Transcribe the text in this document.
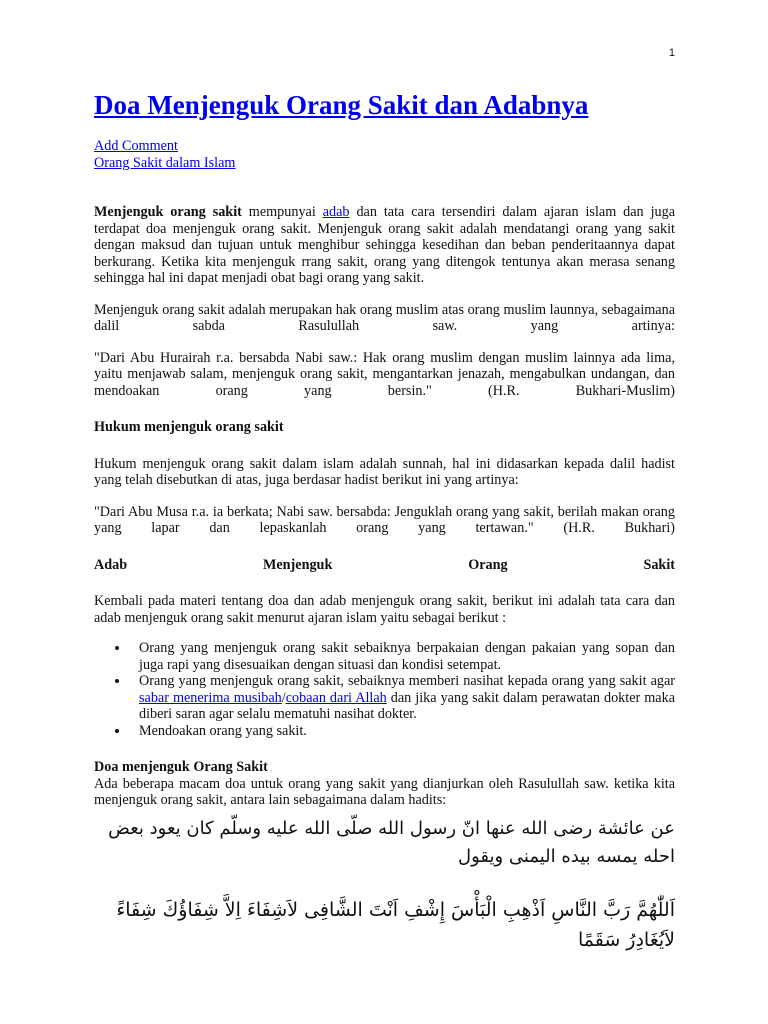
1
Doa Menjenguk Orang Sakit dan Adabnya
Add Comment
Orang Sakit dalam Islam

Menjenguk orang sakit mempunyai adab dan tata cara tersendiri dalam ajaran islam dan juga terdapat doa menjenguk orang sakit. Menjenguk orang sakit adalah mendatangi orang yang sakit dengan maksud dan tujuan untuk menghibur sehingga kesedihan dan beban penderitaannya dapat berkurang. Ketika kita menjenguk rrang sakit, orang yang ditengok tentunya akan merasa senang sehingga hal ini dapat menjadi obat bagi orang yang sakit.

Menjenguk orang sakit adalah merupakan hak orang muslim atas orang muslim launnya, sebagaimana dalil sabda Rasulullah saw. yang artinya:

"Dari Abu Hurairah r.a. bersabda Nabi saw.: Hak orang muslim dengan muslim lainnya ada lima, yaitu menjawab salam, menjenguk orang sakit, mengantarkan jenazah, mengabulkan undangan, dan mendoakan orang yang bersin." (H.R. Bukhari-Muslim)

Hukum menjenguk orang sakit

Hukum menjenguk orang sakit dalam islam adalah sunnah, hal ini didasarkan kepada dalil hadist yang telah disebutkan di atas, juga berdasar hadist berikut ini yang artinya:

"Dari Abu Musa r.a. ia berkata; Nabi saw. bersabda: Jenguklah orang yang sakit, berilah makan orang yang lapar dan lepaskanlah orang yang tertawan." (H.R. Bukhari)

Adab	Menjenguk	Orang	Sakit

Kembali pada materi tentang doa dan adab menjenguk orang sakit, berikut ini adalah tata cara dan adab menjenguk orang sakit menurut ajaran islam yaitu sebagai berikut :

Orang yang menjenguk orang sakit sebaiknya berpakaian dengan pakaian yang sopan dan juga rapi yang disesuaikan dengan situasi dan kondisi setempat.
Orang yang menjenguk orang sakit, sebaiknya memberi nasihat kepada orang yang sakit agar sabar menerima musibah/cobaan dari Allah dan jika yang sakit dalam perawatan dokter maka diberi saran agar selalu mematuhi nasihat dokter.
Mendoakan orang yang sakit.
Doa menjenguk Orang Sakit

Ada beberapa macam doa untuk orang yang sakit yang dianjurkan oleh Rasulullah saw. ketika kita menjenguk orang sakit, antara lain sebagaimana dalam hadits:

عن عائشة رضى الله عنها انّ رسول الله صلّى الله عليه وسلّم كان يعود بعض احله يمسه بيده اليمنى ويقول
اَللّٰهُمَّ رَبَّ النَّاسِ اَذْهِبِ الْبَأْسَ إِشْفِ اَنْتَ الشَّافِى لاَشِفَاءَ اِلاَّ شِفَاؤُكَ شِفَاءً لاَيُغَادِرُ سَقَمًا
